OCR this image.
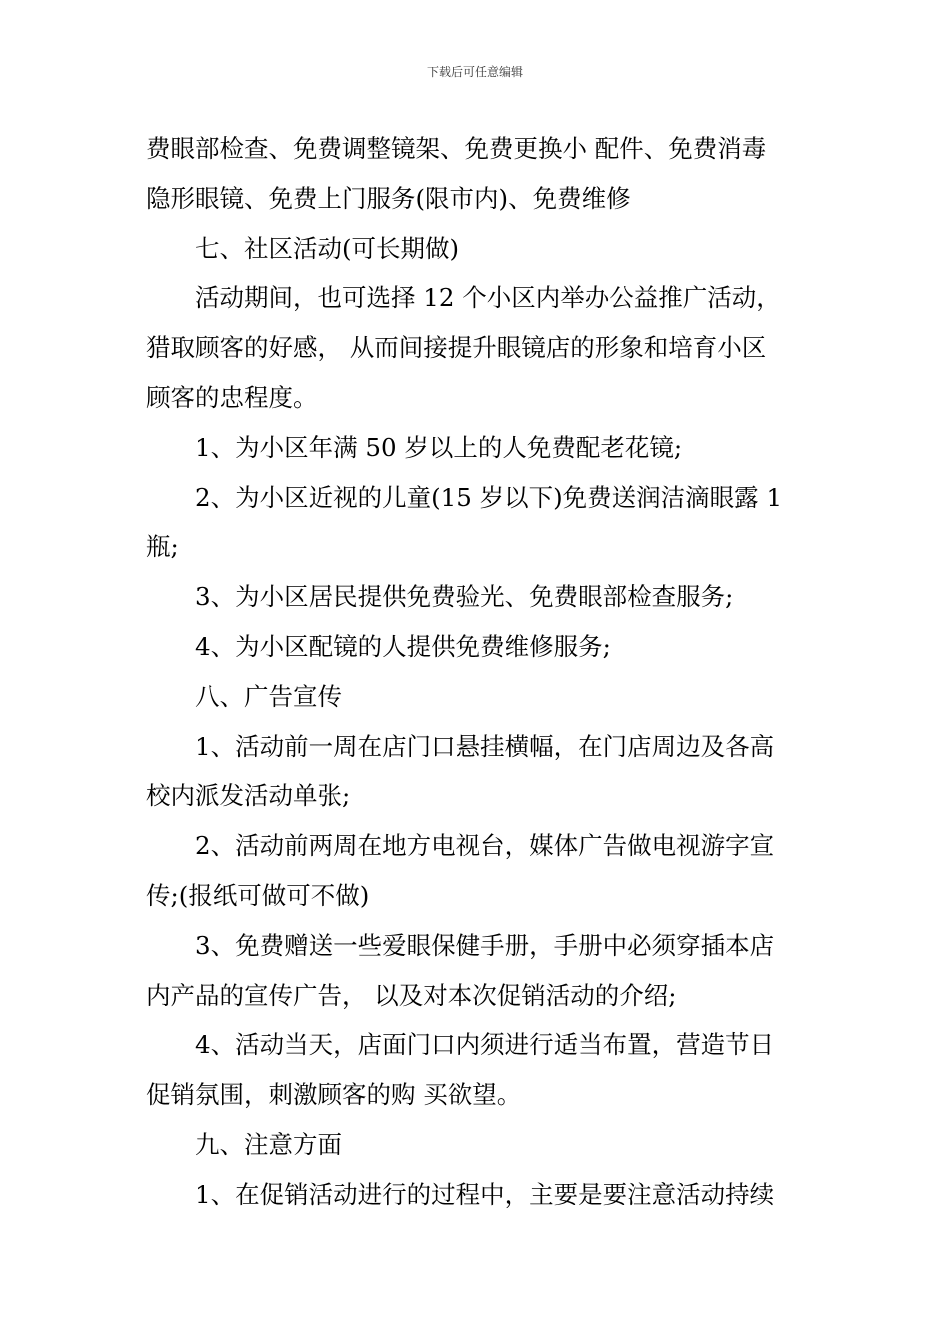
下载后可任意编辑
费眼部检查、免费调整镜架、免费更换小 配件、免费消毒
隐形眼镜、免费上门服务(限市内)、免费维修
七、社区活动(可长期做)
活动期间，也可选择 12 个小区内举办公益推广活动，
猎取顾客的好感， 从而间接提升眼镜店的形象和培育小区
顾客的忠程度。
1、为小区年满 50 岁以上的人免费配老花镜;
2、为小区近视的儿童(15 岁以下)免费送润洁滴眼露 1
瓶;
3、为小区居民提供免费验光、免费眼部检查服务;
4、为小区配镜的人提供免费维修服务;
八、广告宣传
1、活动前一周在店门口悬挂横幅，在门店周边及各高
校内派发活动单张;
2、活动前两周在地方电视台，媒体广告做电视游字宣
传;(报纸可做可不做)
3、免费赠送一些爱眼保健手册，手册中必须穿插本店
内产品的宣传广告， 以及对本次促销活动的介绍;
4、活动当天，店面门口内须进行适当布置，营造节日
促销氛围，刺激顾客的购 买欲望。
九、注意方面
1、在促销活动进行的过程中，主要是要注意活动持续
